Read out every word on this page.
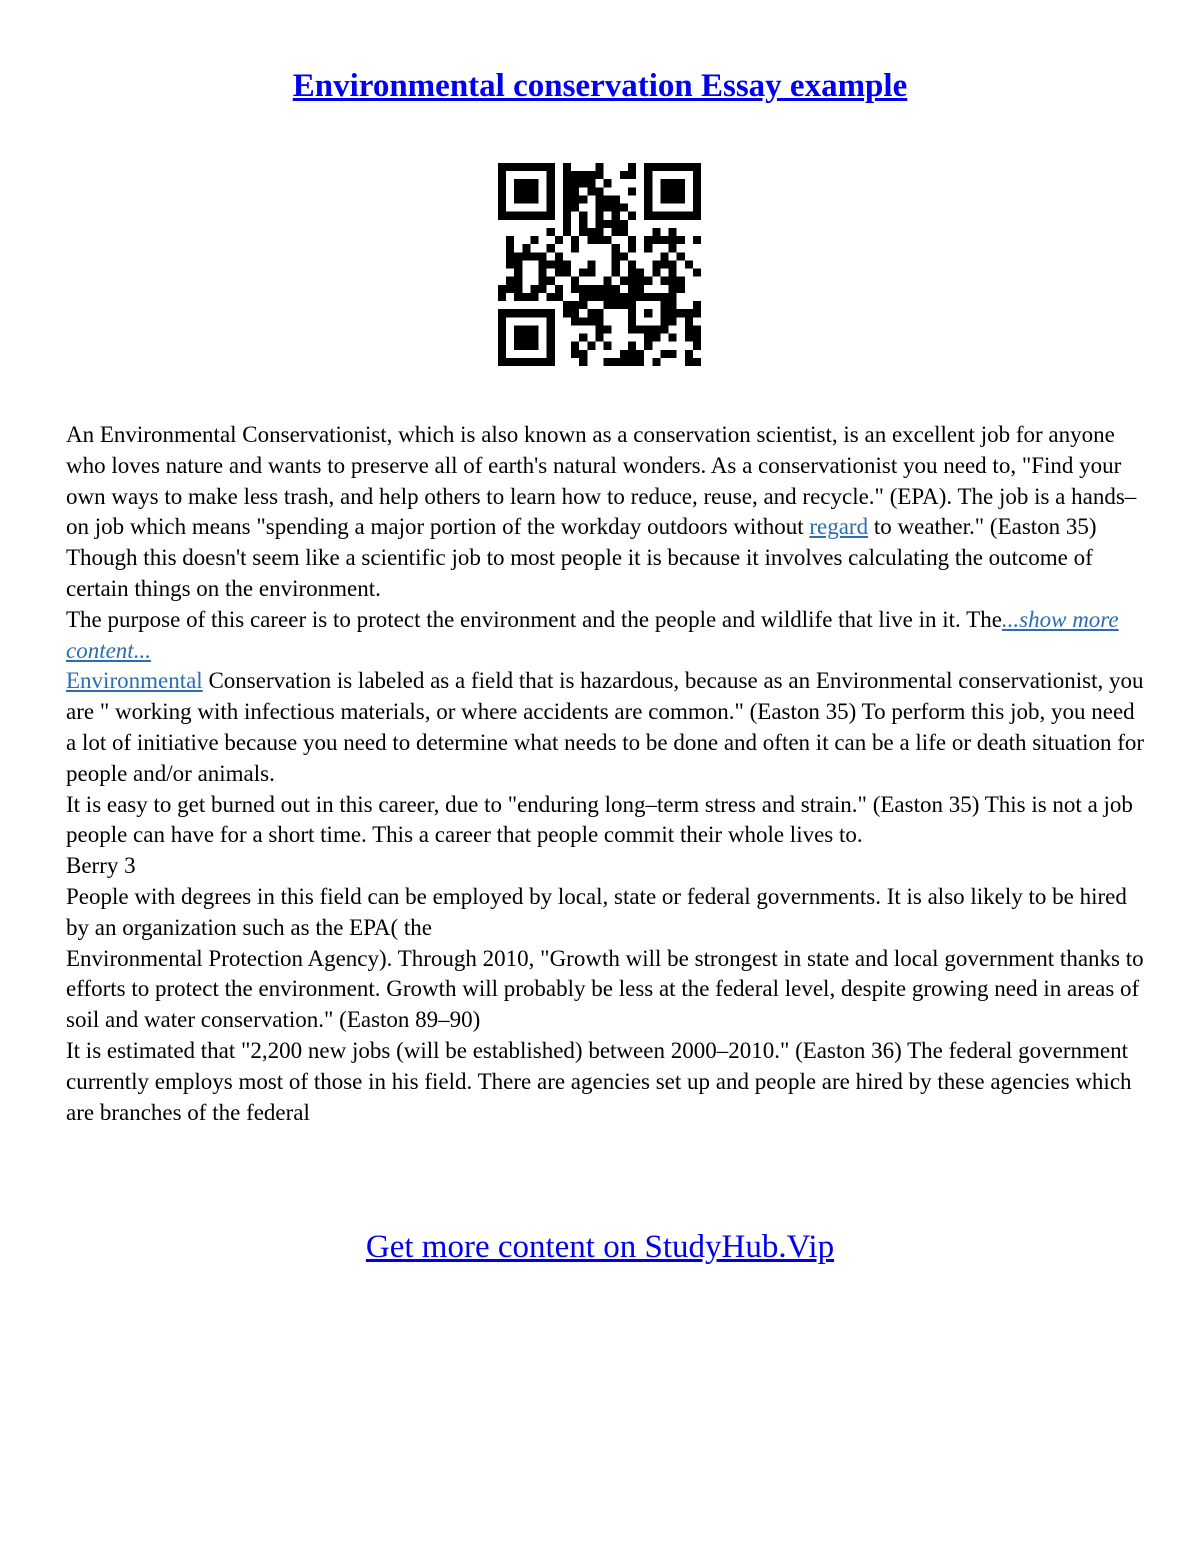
Environmental conservation Essay example

An Environmental Conservationist, which is also known as a conservation scientist, is an excellent job for anyone who loves nature and wants to preserve all of earth's natural wonders. As a conservationist you need to, "Find your own ways to make less trash, and help others to learn how to reduce, reuse, and recycle." (EPA). The job is a hands–on job which means "spending a major portion of the workday outdoors without regard to weather." (Easton 35) Though this doesn't seem like a scientific job to most people it is because it involves calculating the outcome of certain things on the environment.

The purpose of this career is to protect the environment and the people and wildlife that live in it. The...show more content...

Environmental Conservation is labeled as a field that is hazardous, because as an Environmental conservationist, you are " working with infectious materials, or where accidents are common." (Easton 35) To perform this job, you need a lot of initiative because you need to determine what needs to be done and often it can be a life or death situation for people and/or animals.

It is easy to get burned out in this career, due to "enduring long–term stress and strain." (Easton 35) This is not a job people can have for a short time. This a career that people commit their whole lives to.

Berry 3

People with degrees in this field can be employed by local, state or federal governments. It is also likely to be hired by an organization such as the EPA( the

Environmental Protection Agency). Through 2010, "Growth will be strongest in state and local government thanks to efforts to protect the environment. Growth will probably be less at the federal level, despite growing need in areas of soil and water conservation." (Easton 89–90)

It is estimated that "2,200 new jobs (will be established) between 2000–2010." (Easton 36) The federal government currently employs most of those in his field. There are agencies set up and people are hired by these agencies which are branches of the federal

Get more content on StudyHub.Vip
